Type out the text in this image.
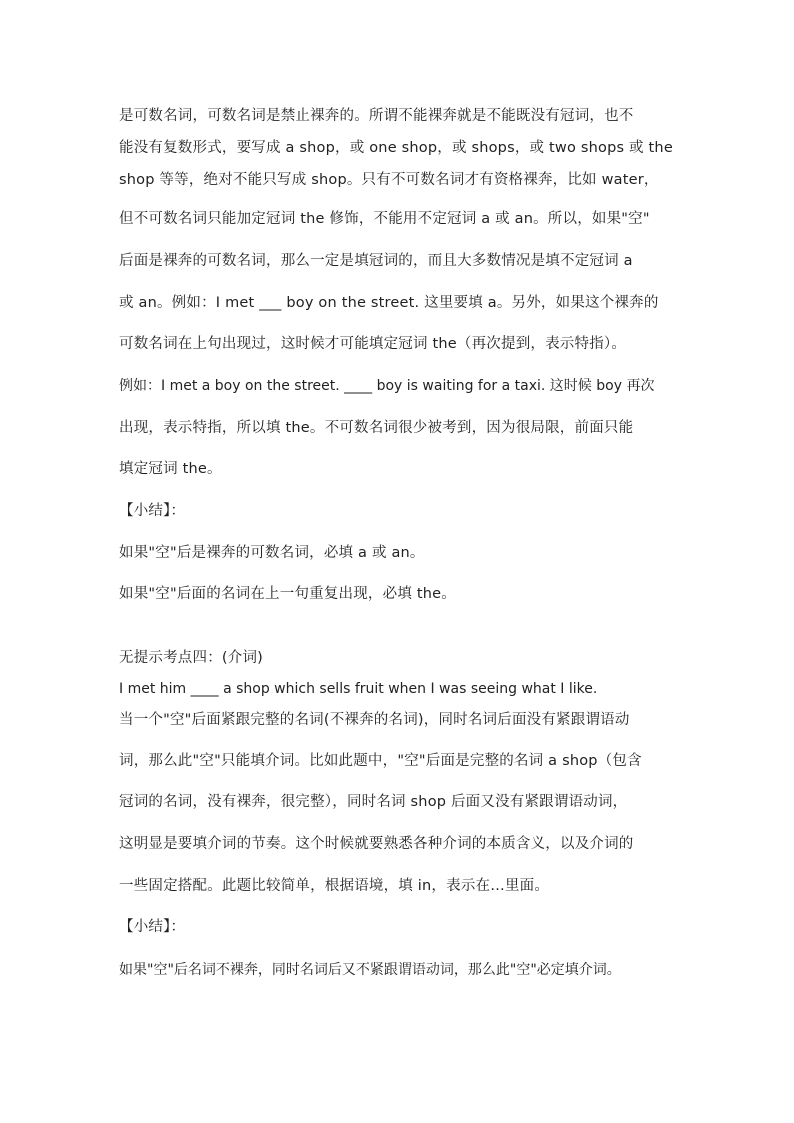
是可数名词，可数名词是禁止裸奔的。所谓不能裸奔就是不能既没有冠词，也不
能没有复数形式，要写成 a shop，或 one shop，或 shops，或 two shops 或 the
shop 等等，绝对不能只写成 shop。只有不可数名词才有资格裸奔，比如 water，
但不可数名词只能加定冠词 the 修饰，不能用不定冠词 a 或 an。所以，如果"空"
后面是裸奔的可数名词，那么一定是填冠词的，而且大多数情况是填不定冠词 a
或 an。例如：I met ___ boy on the street. 这里要填 a。另外，如果这个裸奔的
可数名词在上句出现过，这时候才可能填定冠词 the（再次提到，表示特指）。
例如：I met a boy on the street. ____ boy is waiting for a taxi. 这时候 boy 再次
出现，表示特指，所以填 the。不可数名词很少被考到，因为很局限，前面只能
填定冠词 the。
【小结】：
如果"空"后是裸奔的可数名词，必填 a 或 an。
如果"空"后面的名词在上一句重复出现，必填 the。
无提示考点四：(介词)
I met him ____ a shop which sells fruit when I was seeing what I like.
当一个"空"后面紧跟完整的名词(不裸奔的名词)，同时名词后面没有紧跟谓语动
词，那么此"空"只能填介词。比如此题中，"空"后面是完整的名词 a shop（包含
冠词的名词，没有裸奔，很完整），同时名词 shop 后面又没有紧跟谓语动词，
这明显是要填介词的节奏。这个时候就要熟悉各种介词的本质含义，以及介词的
一些固定搭配。此题比较简单，根据语境，填 in，表示在…里面。
【小结】：
如果"空"后名词不裸奔，同时名词后又不紧跟谓语动词，那么此"空"必定填介词。
